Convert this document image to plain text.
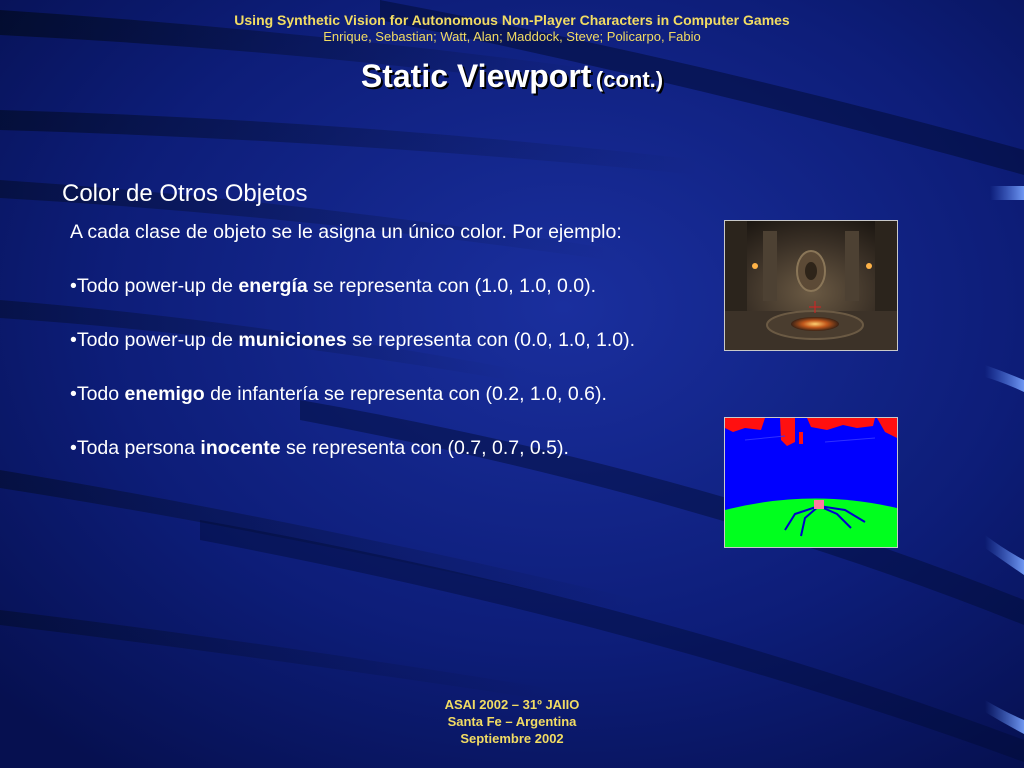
Using Synthetic Vision for Autonomous Non-Player Characters in Computer Games
Enrique, Sebastian; Watt, Alan; Maddock, Steve; Policarpo, Fabio
Static Viewport (cont.)
Color de Otros Objetos

A cada clase de objeto se le asigna un único color. Por ejemplo:

•Todo power-up de energía se representa con (1.0, 1.0, 0.0).

•Todo power-up de municiones se representa con (0.0, 1.0, 1.0).

•Todo enemigo de infantería se representa con (0.2, 1.0, 0.6).

•Toda persona inocente se representa con (0.7, 0.7, 0.5).

ASAI 2002 – 31º JAIIO
Santa Fe – Argentina
Septiembre 2002
